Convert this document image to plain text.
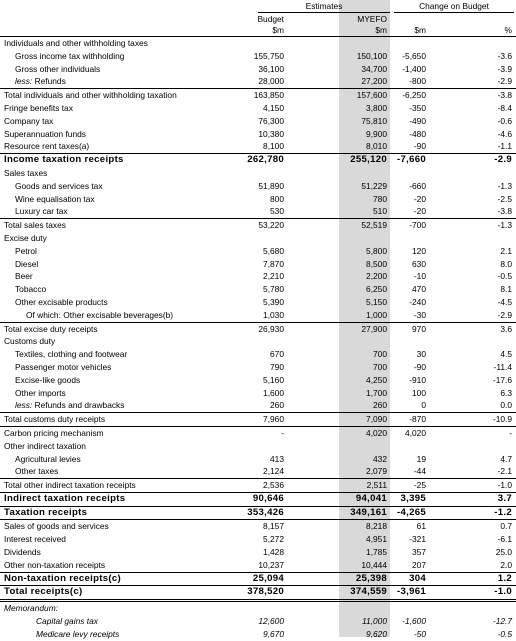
Estimates	Change on Budget
Budget	MYEFO
$m	$m	$m	%
Individuals and other withholding taxes
Gross income tax withholding	155,750	150,100 -5,650	-3.6
Gross other individuals	36,100	34,700 -1,400	-3.9
less: Refunds	28,000	27,200	-800	-2.9
Total individuals and other withholding taxation	163,850	157,600 -6,250	-3.8
Fringe benefits tax	4,150	3,800	-350	-8.4
Company tax	76,300	75,810	-490	-0.6
Superannuation funds	10,380	9,900	-480	-4.6
Resource rent taxes(a)	8,100	8,010	-90	-1.1
Income taxation receipts	262,780	255,120 -7,660	-2.9
Sales taxes
Goods and services tax	51,890	51,229	-660	-1.3
Wine equalisation tax	800	780	-20	-2.5
Luxury car tax	530	510	-20	-3.8
Total sales taxes	53,220	52,519	-700	-1.3
Excise duty
Petrol	5,680	5,800	120	2.1
Diesel	7,870	8,500	630	8.0
Beer	2,210	2,200	-10	-0.5
Tobacco	5,780	6,250	470	8.1
Other excisable products	5,390	5,150	-240	-4.5
Of which: Other excisable beverages(b)	1,030	1,000	-30	-2.9
Total excise duty receipts	26,930	27,900	970	3.6
Customs duty
Textiles, clothing and footwear	670	700	30	4.5
Passenger motor vehicles	790	700	-90	-11.4
Excise-like goods	5,160	4,250	-910	-17.6
Other imports	1,600	1,700	100	6.3
less: Refunds and drawbacks	260	260	0	0.0
Total customs duty receipts	7,960	7,090	-870	-10.9
Carbon pricing mechanism	-	4,020 4,020	-
Other indirect taxation
Agricultural levies	413	432	19	4.7
Other taxes	2,124	2,079	-44	-2.1
Total other indirect taxation receipts	2,536	2,511	-25	-1.0
Indirect taxation receipts	90,646	94,041 3,395	3.7
Taxation receipts	353,426	349,161 -4,265	-1.2
Sales of goods and services	8,157	8,218	61	0.7
Interest received	5,272	4,951	-321	-6.1
Dividends	1,428	1,785	357	25.0
Other non-taxation receipts	10,237	10,444	207	2.0
Non-taxation receipts(c)	25,094	25,398 304	1.2
Total receipts(c)	378,520	374,559 -3,961	-1.0
Memorandum:
Capital gains tax	12,600	11,000 -1,600	-12.7
Medicare levy receipts	9,670	9,620	-50	-0.5
